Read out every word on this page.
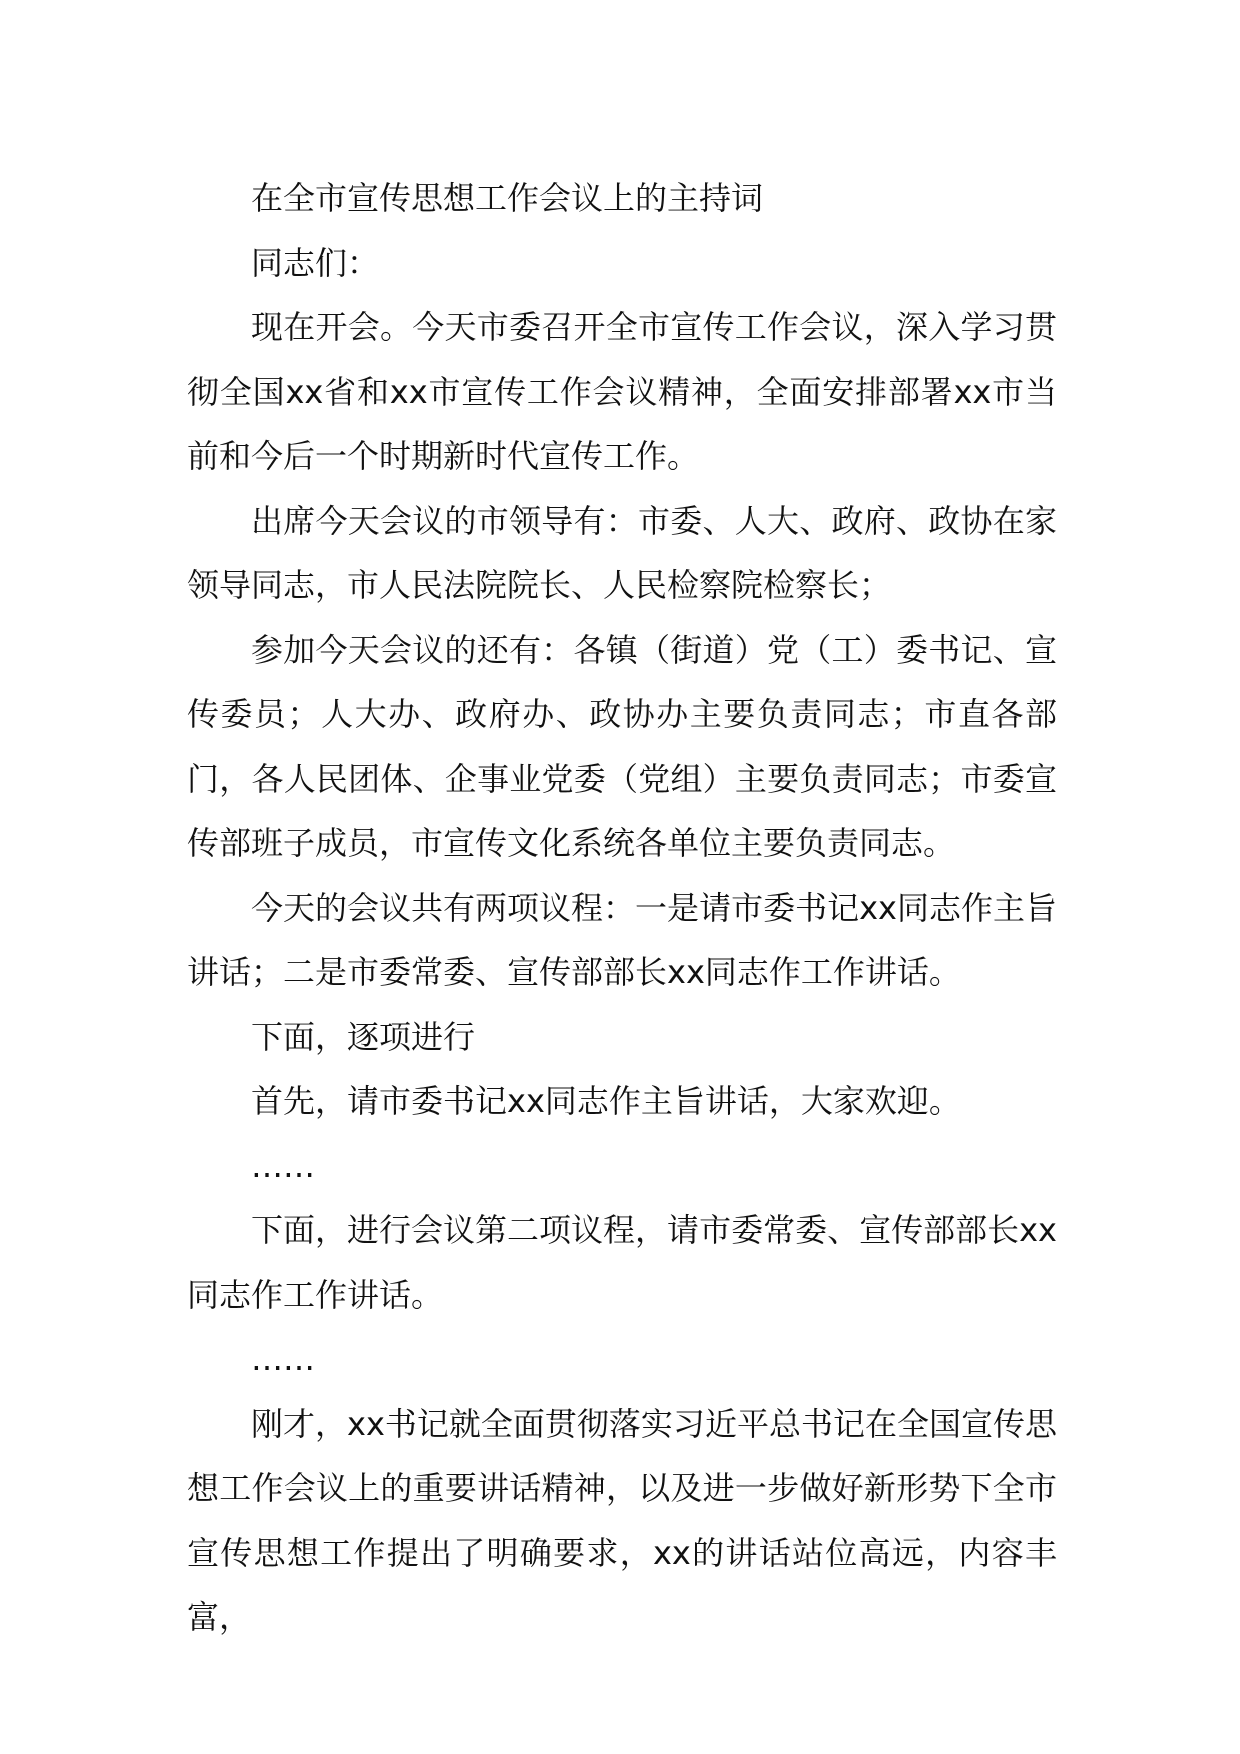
在全市宣传思想工作会议上的主持词

同志们：

现在开会。今天市委召开全市宣传工作会议，深入学习贯彻全国xx省和xx市宣传工作会议精神，全面安排部署xx市当前和今后一个时期新时代宣传工作。

出席今天会议的市领导有：市委、人大、政府、政协在家领导同志，市人民法院院长、人民检察院检察长；

参加今天会议的还有：各镇（街道）党（工）委书记、宣传委员；人大办、政府办、政协办主要负责同志；市直各部门，各人民团体、企事业党委（党组）主要负责同志；市委宣传部班子成员，市宣传文化系统各单位主要负责同志。

今天的会议共有两项议程：一是请市委书记xx同志作主旨讲话；二是市委常委、宣传部部长xx同志作工作讲话。

下面，逐项进行

首先，请市委书记xx同志作主旨讲话，大家欢迎。

……

下面，进行会议第二项议程，请市委常委、宣传部部长xx同志作工作讲话。

……

刚才，xx书记就全面贯彻落实习近平总书记在全国宣传思想工作会议上的重要讲话精神，以及进一步做好新形势下全市宣传思想工作提出了明确要求，xx的讲话站位高远，内容丰富，
